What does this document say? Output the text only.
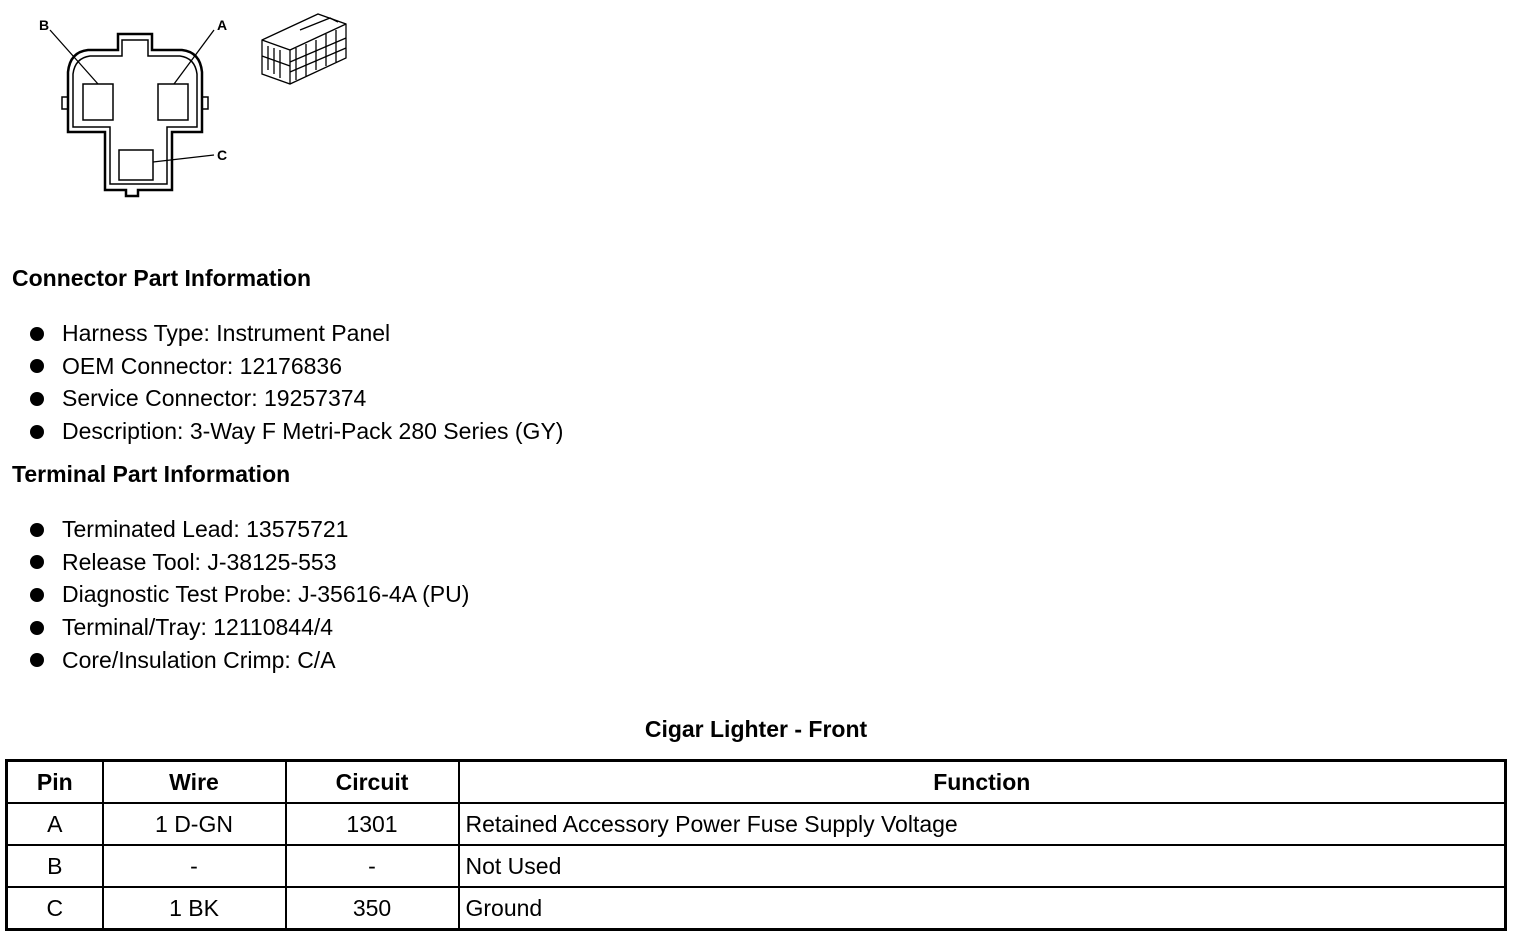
B	A
C
Connector Part Information
Harness Type: Instrument Panel
OEM Connector: 12176836
Service Connector: 19257374
Description: 3-Way F Metri-Pack 280 Series (GY)
Terminal Part Information
Terminated Lead: 13575721
Release Tool: J-38125-553
Diagnostic Test Probe: J-35616-4A (PU)
Terminal/Tray: 12110844/4
Core/Insulation Crimp: C/A
Cigar Lighter - Front
Pin	Wire	Circuit	Function
A	1 D-GN	1301	Retained Accessory Power Fuse Supply Voltage
B	-	-	Not Used
C	1 BK	350	Ground
